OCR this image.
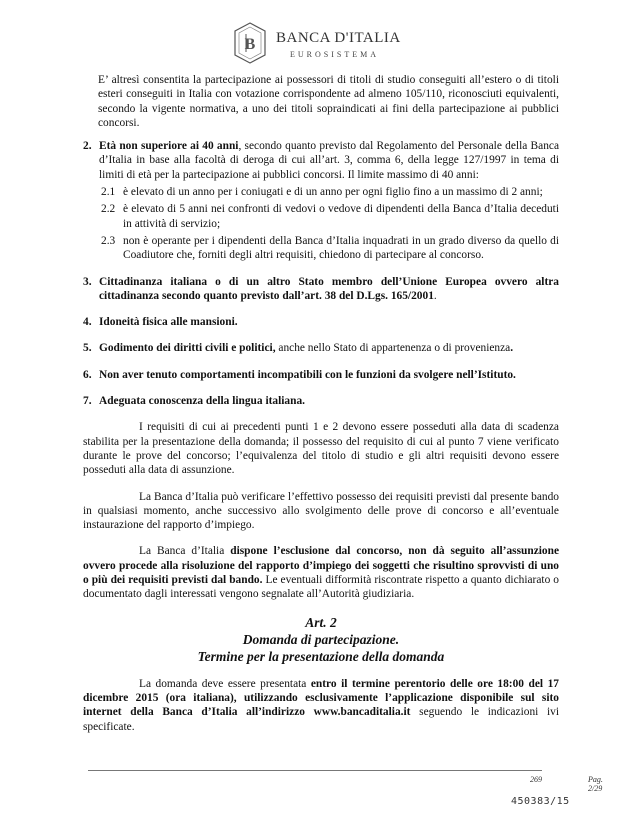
B BANCA D'ITALIA
EUROSISTEMA

E’ altresì consentita la partecipazione ai possessori di titoli di studio conseguiti all’estero o di titoli esteri conseguiti in Italia con votazione corrispondente ad almeno 105/110, riconosciuti equivalenti, secondo la vigente normativa, a uno dei titoli sopraindicati ai fini della partecipazione ai pubblici concorsi.

2. Età non superiore ai 40 anni, secondo quanto previsto dal Regolamento del Personale della Banca d’Italia in base alla facoltà di deroga di cui all’art. 3, comma 6, della legge 127/1997 in tema di limiti di età per la partecipazione ai pubblici concorsi. Il limite massimo di 40 anni:
2.1 è elevato di un anno per i coniugati e di un anno per ogni figlio fino a un massimo di 2 anni;
2.2 è elevato di 5 anni nei confronti di vedovi o vedove di dipendenti della Banca d’Italia deceduti in attività di servizio;
2.3 non è operante per i dipendenti della Banca d’Italia inquadrati in un grado diverso da quello di Coadiutore che, forniti degli altri requisiti, chiedono di partecipare al concorso.
3. Cittadinanza italiana o di un altro Stato membro dell’Unione Europea ovvero altra cittadinanza secondo quanto previsto dall’art. 38 del D.Lgs. 165/2001.
4. Idoneità fisica alle mansioni.
5. Godimento dei diritti civili e politici, anche nello Stato di appartenenza o di provenienza.
6. Non aver tenuto comportamenti incompatibili con le funzioni da svolgere nell’Istituto.
7. Adeguata conoscenza della lingua italiana.

I requisiti di cui ai precedenti punti 1 e 2 devono essere posseduti alla data di scadenza stabilita per la presentazione della domanda; il possesso del requisito di cui al punto 7 viene verificato durante le prove del concorso; l’equivalenza del titolo di studio e gli altri requisiti devono essere posseduti alla data di assunzione.

La Banca d’Italia può verificare l’effettivo possesso dei requisiti previsti dal presente bando in qualsiasi momento, anche successivo allo svolgimento delle prove di concorso e all’eventuale instaurazione del rapporto d’impiego.

La Banca d’Italia dispone l’esclusione dal concorso, non dà seguito all’assunzione ovvero procede alla risoluzione del rapporto d’impiego dei soggetti che risultino sprovvisti di uno o più dei requisiti previsti dal bando. Le eventuali difformità riscontrate rispetto a quanto dichiarato o documentato dagli interessati vengono segnalate all’Autorità giudiziaria.

Art. 2
Domanda di partecipazione.
Termine per la presentazione della domanda

La domanda deve essere presentata entro il termine perentorio delle ore 18:00 del 17 dicembre 2015 (ora italiana), utilizzando esclusivamente l’applicazione disponibile sul sito internet della Banca d’Italia all’indirizzo www.bancaditalia.it seguendo le indicazioni ivi specificate.

269	Pag.
2/29
450383/15
